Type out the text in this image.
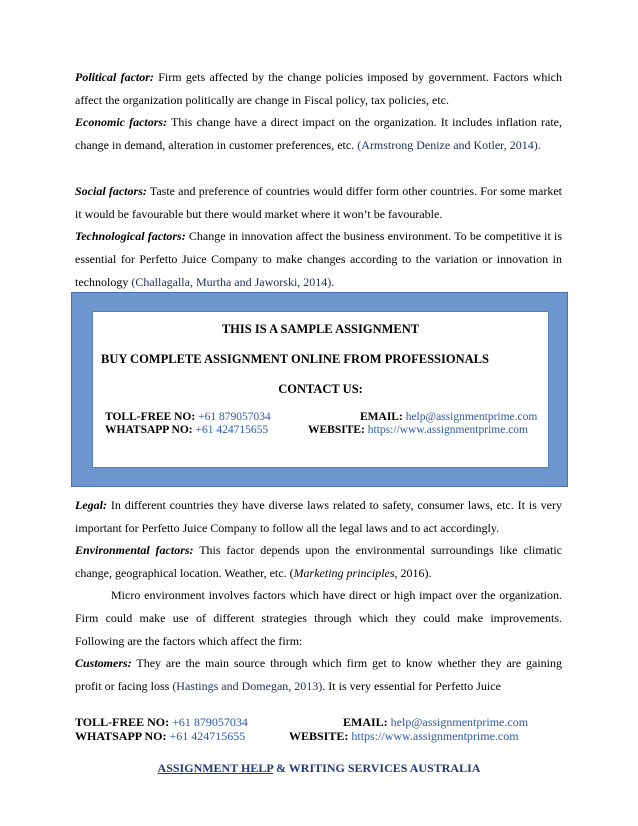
Political factor: Firm gets affected by the change policies imposed by government. Factors which affect the organization politically are change in Fiscal policy, tax policies, etc.

Economic factors: This change have a direct impact on the organization. It includes inflation rate, change in demand, alteration in customer preferences, etc. (Armstrong Denize and Kotler, 2014).

Social factors: Taste and preference of countries would differ form other countries. For some market it would be favourable but there would market where it won’t be favourable.

Technological factors: Change in innovation affect the business environment. To be competitive it is essential for Perfetto Juice Company to make changes according to the variation or innovation in technology (Challagalla, Murtha and Jaworski, 2014).

THIS IS A SAMPLE ASSIGNMENT
BUY COMPLETE ASSIGNMENT ONLINE FROM PROFESSIONALS
CONTACT US:
TOLL-FREE NO: +61 879057034	EMAIL: help@assignmentprime.com
WHATSAPP NO: +61 424715655	WEBSITE: https://www.assignmentprime.com

Legal: In different countries they have diverse laws related to safety, consumer laws, etc. It is very important for Perfetto Juice Company to follow all the legal laws and to act accordingly.

Environmental factors: This factor depends upon the environmental surroundings like climatic change, geographical location. Weather, etc. (Marketing principles, 2016).

Micro environment involves factors which have direct or high impact over the organization. Firm could make use of different strategies through which they could make improvements. Following are the factors which affect the firm:

Customers: They are the main source through which firm get to know whether they are gaining profit or facing loss (Hastings and Domegan, 2013). It is very essential for Perfetto Juice

TOLL-FREE NO: +61 879057034	EMAIL: help@assignmentprime.com
WHATSAPP NO: +61 424715655	WEBSITE: https://www.assignmentprime.com
ASSIGNMENT HELP & WRITING SERVICES AUSTRALIA
